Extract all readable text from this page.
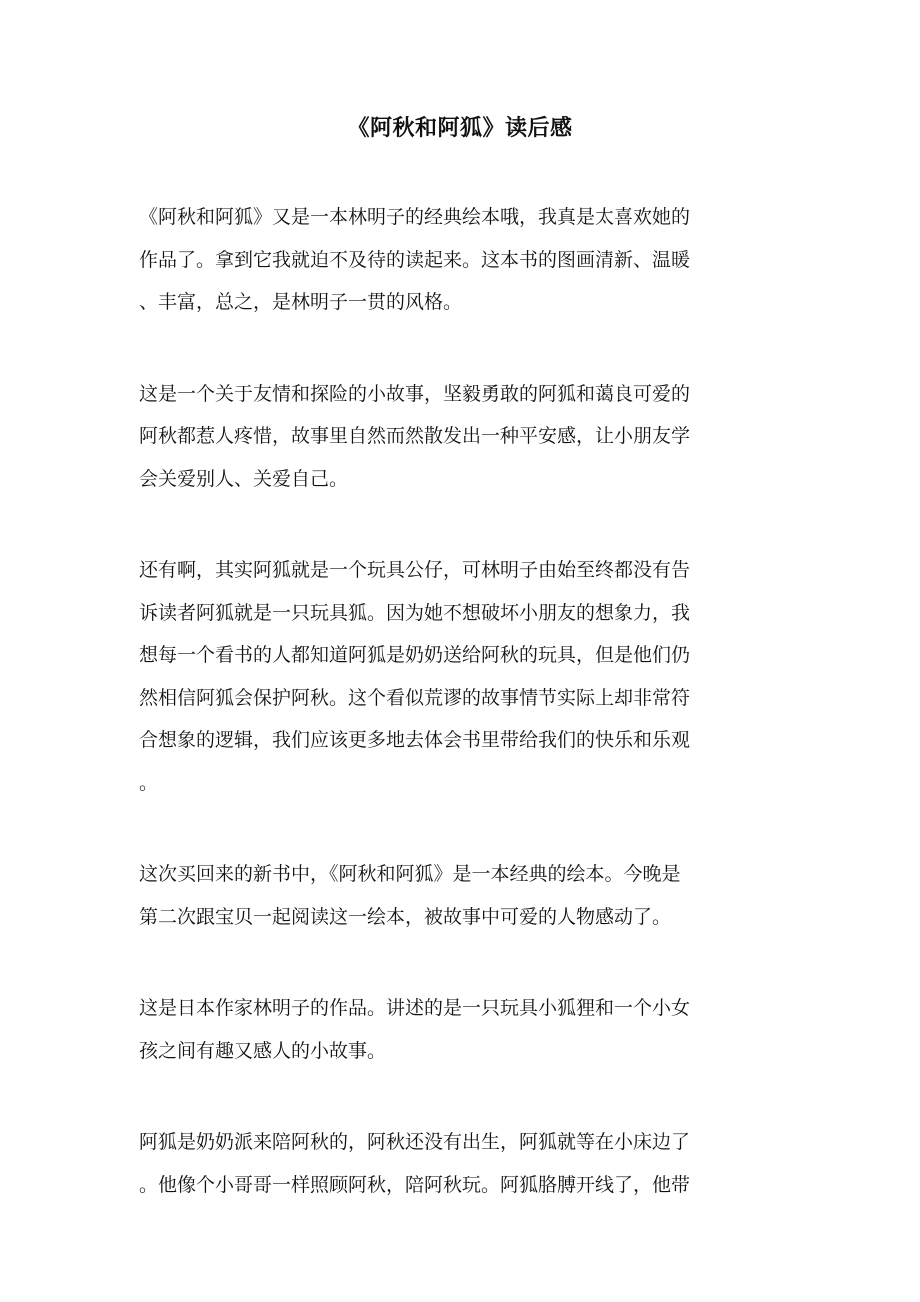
《阿秋和阿狐》读后感
《阿秋和阿狐》又是一本林明子的经典绘本哦，我真是太喜欢她的
作品了。拿到它我就迫不及待的读起来。这本书的图画清新、温暖
、丰富，总之，是林明子一贯的风格。
这是一个关于友情和探险的小故事，坚毅勇敢的阿狐和蔼良可爱的
阿秋都惹人疼惜，故事里自然而然散发出一种平安感，让小朋友学
会关爱别人、关爱自己。
还有啊，其实阿狐就是一个玩具公仔，可林明子由始至终都没有告
诉读者阿狐就是一只玩具狐。因为她不想破坏小朋友的想象力，我
想每一个看书的人都知道阿狐是奶奶送给阿秋的玩具，但是他们仍
然相信阿狐会保护阿秋。这个看似荒谬的故事情节实际上却非常符
合想象的逻辑，我们应该更多地去体会书里带给我们的快乐和乐观
。
这次买回来的新书中，《阿秋和阿狐》是一本经典的绘本。今晚是
第二次跟宝贝一起阅读这一绘本，被故事中可爱的人物感动了。
这是日本作家林明子的作品。讲述的是一只玩具小狐狸和一个小女
孩之间有趣又感人的小故事。
阿狐是奶奶派来陪阿秋的，阿秋还没有出生，阿狐就等在小床边了
。他像个小哥哥一样照顾阿秋，陪阿秋玩。阿狐胳膊开线了，他带
